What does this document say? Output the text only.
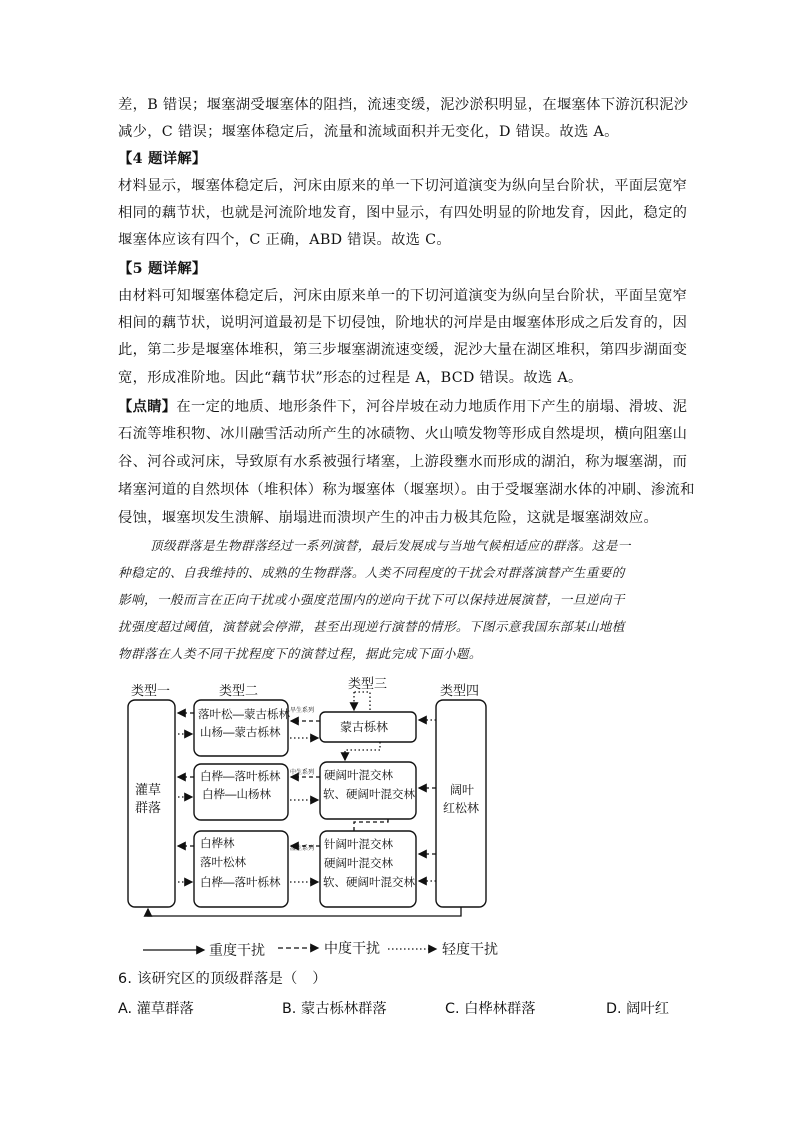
差，B 错误；堰塞湖受堰塞体的阻挡，流速变缓，泥沙淤积明显，在堰塞体下游沉积泥沙
减少，C 错误；堰塞体稳定后，流量和流域面积并无变化，D 错误。故选 A。
【4 题详解】
材料显示，堰塞体稳定后，河床由原来的单一下切河道演变为纵向呈台阶状，平面层宽窄
相同的藕节状，也就是河流阶地发育，图中显示，有四处明显的阶地发育，因此，稳定的
堰塞体应该有四个，C 正确，ABD 错误。故选 C。
【5 题详解】
由材料可知堰塞体稳定后，河床由原来单一的下切河道演变为纵向呈台阶状，平面呈宽窄
相间的藕节状，说明河道最初是下切侵蚀，阶地状的河岸是由堰塞体形成之后发育的，因
此，第二步是堰塞体堆积，第三步堰塞湖流速变缓，泥沙大量在湖区堆积，第四步湖面变
宽，形成准阶地。因此“藕节状”形态的过程是 A，BCD 错误。故选 A。
【点睛】在一定的地质、地形条件下，河谷岸坡在动力地质作用下产生的崩塌、滑坡、泥
石流等堆积物、冰川融雪活动所产生的冰碛物、火山喷发物等形成自然堤坝，横向阻塞山
谷、河谷或河床，导致原有水系被强行堵塞，上游段壅水而形成的湖泊，称为堰塞湖，而
堵塞河道的自然坝体（堆积体）称为堰塞体（堰塞坝）。由于受堰塞湖水体的冲刷、渗流和
侵蚀，堰塞坝发生溃解、崩塌进而溃坝产生的冲击力极其危险，这就是堰塞湖效应。
顶级群落是生物群落经过一系列演替，最后发展成与当地气候相适应的群落。这是一
种稳定的、自我维持的、成熟的生物群落。人类不同程度的干扰会对群落演替产生重要的
影响，一般而言在正向干扰或小强度范围内的逆向干扰下可以保持进展演替，一旦逆向干
扰强度超过阈值，演替就会停滞，甚至出现逆行演替的情形。下图示意我国东部某山地植
物群落在人类不同干扰程度下的演替过程，据此完成下面小题。
类型一	类型二	类型三	类型四
灌草
群落
阔叶
红松林
落叶松—蒙古栎林
山杨—蒙古栎林	蒙古栎林
旱生系列
白桦—落叶栎林
白桦—山杨林
硬阔叶混交林
软、硬阔叶混交林
中生系列
白桦林
落叶松林
白桦—落叶栎林
针阔叶混交林
硬阔叶混交林
软、硬阔叶混交林
湿生系列
重度干扰	中度干扰	轻度干扰
6. 该研究区的顶级群落是（　）
A. 灌草群落	B. 蒙古栎林群落	C. 白桦林群落	D. 阔叶红
